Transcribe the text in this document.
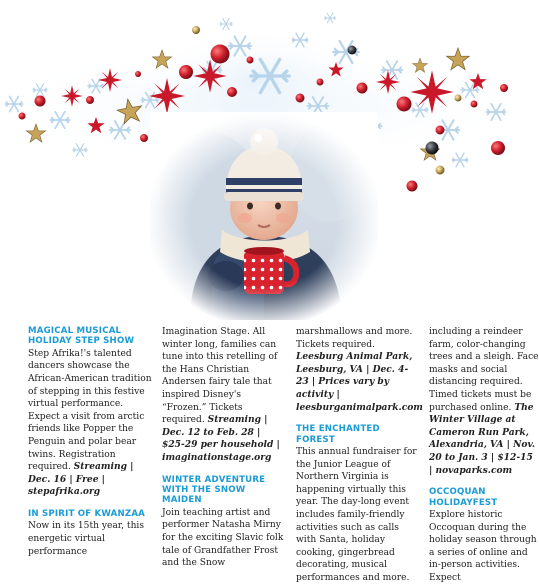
MAGICAL MUSICAL
HOLIDAY STEP SHOW

Step Afrika!'s talented dancers showcase the African-American tradition of stepping in this festive virtual performance. Expect a visit from arctic friends like Popper the Penguin and polar bear twins. Registration required. Streaming | Dec. 16 | Free | stepafrika.org

IN SPIRIT OF KWANZAA

Now in its 15th year, this energetic virtual performance

Imagination Stage. All winter long, families can tune into this retelling of the Hans Christian Andersen fairy tale that inspired Disney's “Frozen.” Tickets required. Streaming | Dec. 12 to Feb. 28 | $25-29 per household | imaginationstage.org

WINTER ADVENTURE
WITH THE SNOW MAIDEN

Join teaching artist and performer Natasha Mirny for the exciting Slavic folk tale of Grandfather Frost and the Snow

marshmallows and more. Tickets required. Leesburg Animal Park, Leesburg, VA | Dec. 4-23 | Prices vary by activity | leesburganimalpark.com

THE ENCHANTED FOREST

This annual fundraiser for the Junior League of Northern Virginia is happening virtually this year. The day-long event includes family-friendly activities such as calls with Santa, holiday cooking, gingerbread decorating, musical performances and more.

including a reindeer farm, color-changing trees and a sleigh. Face masks and social distancing required. Timed tickets must be purchased online. The Winter Village at Cameron Run Park, Alexandria, VA | Nov. 20 to Jan. 3 | $12-15 | novaparks.com

OCCOQUAN HOLIDAYFEST

Explore historic Occoquan during the holiday season through a series of online and in-person activities. Expect
